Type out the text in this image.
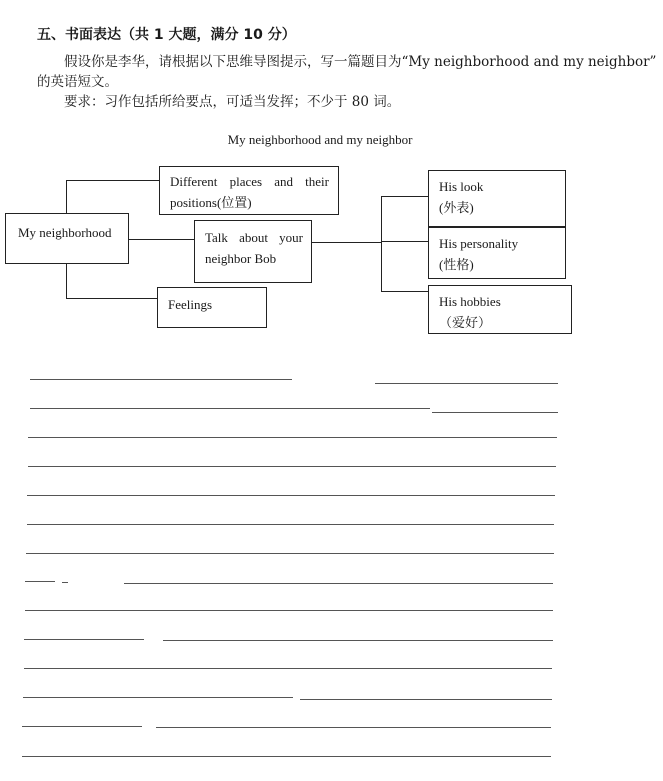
五、书面表达（共 1 大题，满分 10 分）
假设你是李华，请根据以下思维导图提示，写一篇题目为“My neighborhood and my neighbor”
的英语短文。
要求：习作包括所给要点，可适当发挥；不少于 80 词。
My neighborhood and my neighbor
My neighborhood
Different places and their
positions(位置)
Talk about your
neighbor Bob
Feelings
His look
(外表)
His personality
(性格)
His hobbies
（爱好）
